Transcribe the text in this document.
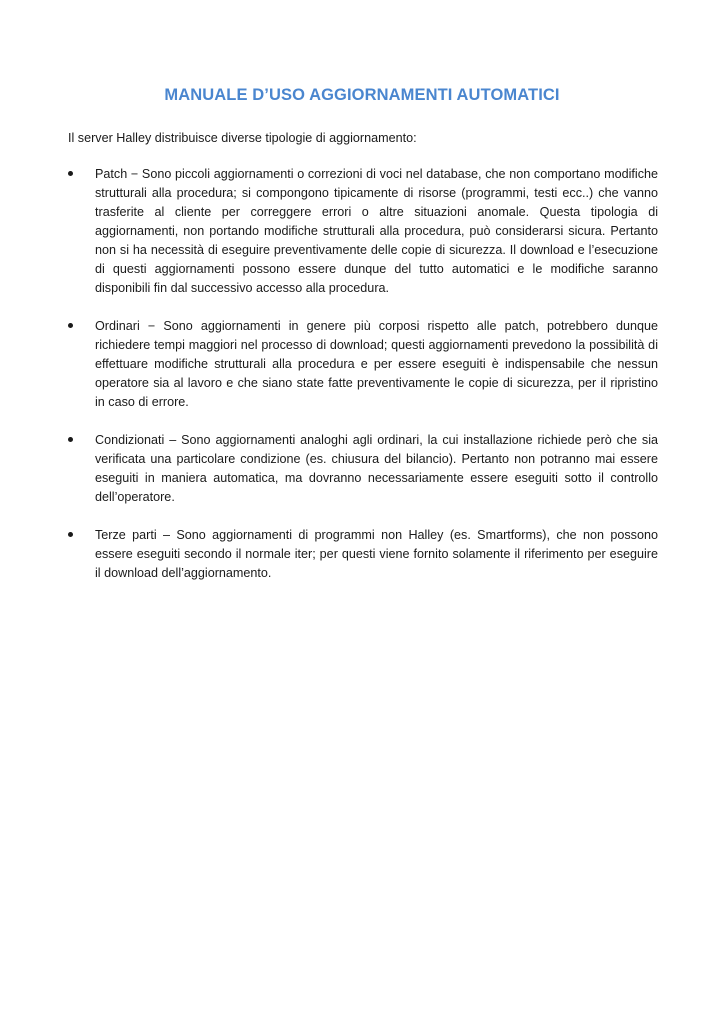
MANUALE D’USO AGGIORNAMENTI AUTOMATICI
Il server Halley distribuisce diverse tipologie di aggiornamento:
Patch − Sono piccoli aggiornamenti o correzioni di voci nel database, che non comportano modifiche strutturali alla procedura; si compongono tipicamente di risorse (programmi, testi ecc..) che vanno trasferite al cliente per correggere errori o altre situazioni anomale. Questa tipologia di aggiornamenti, non portando modifiche strutturali alla procedura, può considerarsi sicura. Pertanto non si ha necessità di eseguire preventivamente delle copie di sicurezza. Il download e l’esecuzione di questi aggiornamenti possono essere dunque del tutto automatici e le modifiche saranno disponibili fin dal successivo accesso alla procedura.
Ordinari − Sono aggiornamenti in genere più corposi rispetto alle patch, potrebbero dunque richiedere tempi maggiori nel processo di download; questi aggiornamenti prevedono la possibilità di effettuare modifiche strutturali alla procedura e per essere eseguiti è indispensabile che nessun operatore sia al lavoro e che siano state fatte preventivamente le copie di sicurezza, per il ripristino in caso di errore.
Condizionati – Sono aggiornamenti analoghi agli ordinari, la cui installazione richiede però che sia verificata una particolare condizione (es. chiusura del bilancio). Pertanto non potranno mai essere eseguiti in maniera automatica, ma dovranno necessariamente essere eseguiti sotto il controllo dell’operatore.
Terze parti – Sono aggiornamenti di programmi non Halley (es. Smartforms), che non possono essere eseguiti secondo il normale iter; per questi viene fornito solamente il riferimento per eseguire il download dell’aggiornamento.
